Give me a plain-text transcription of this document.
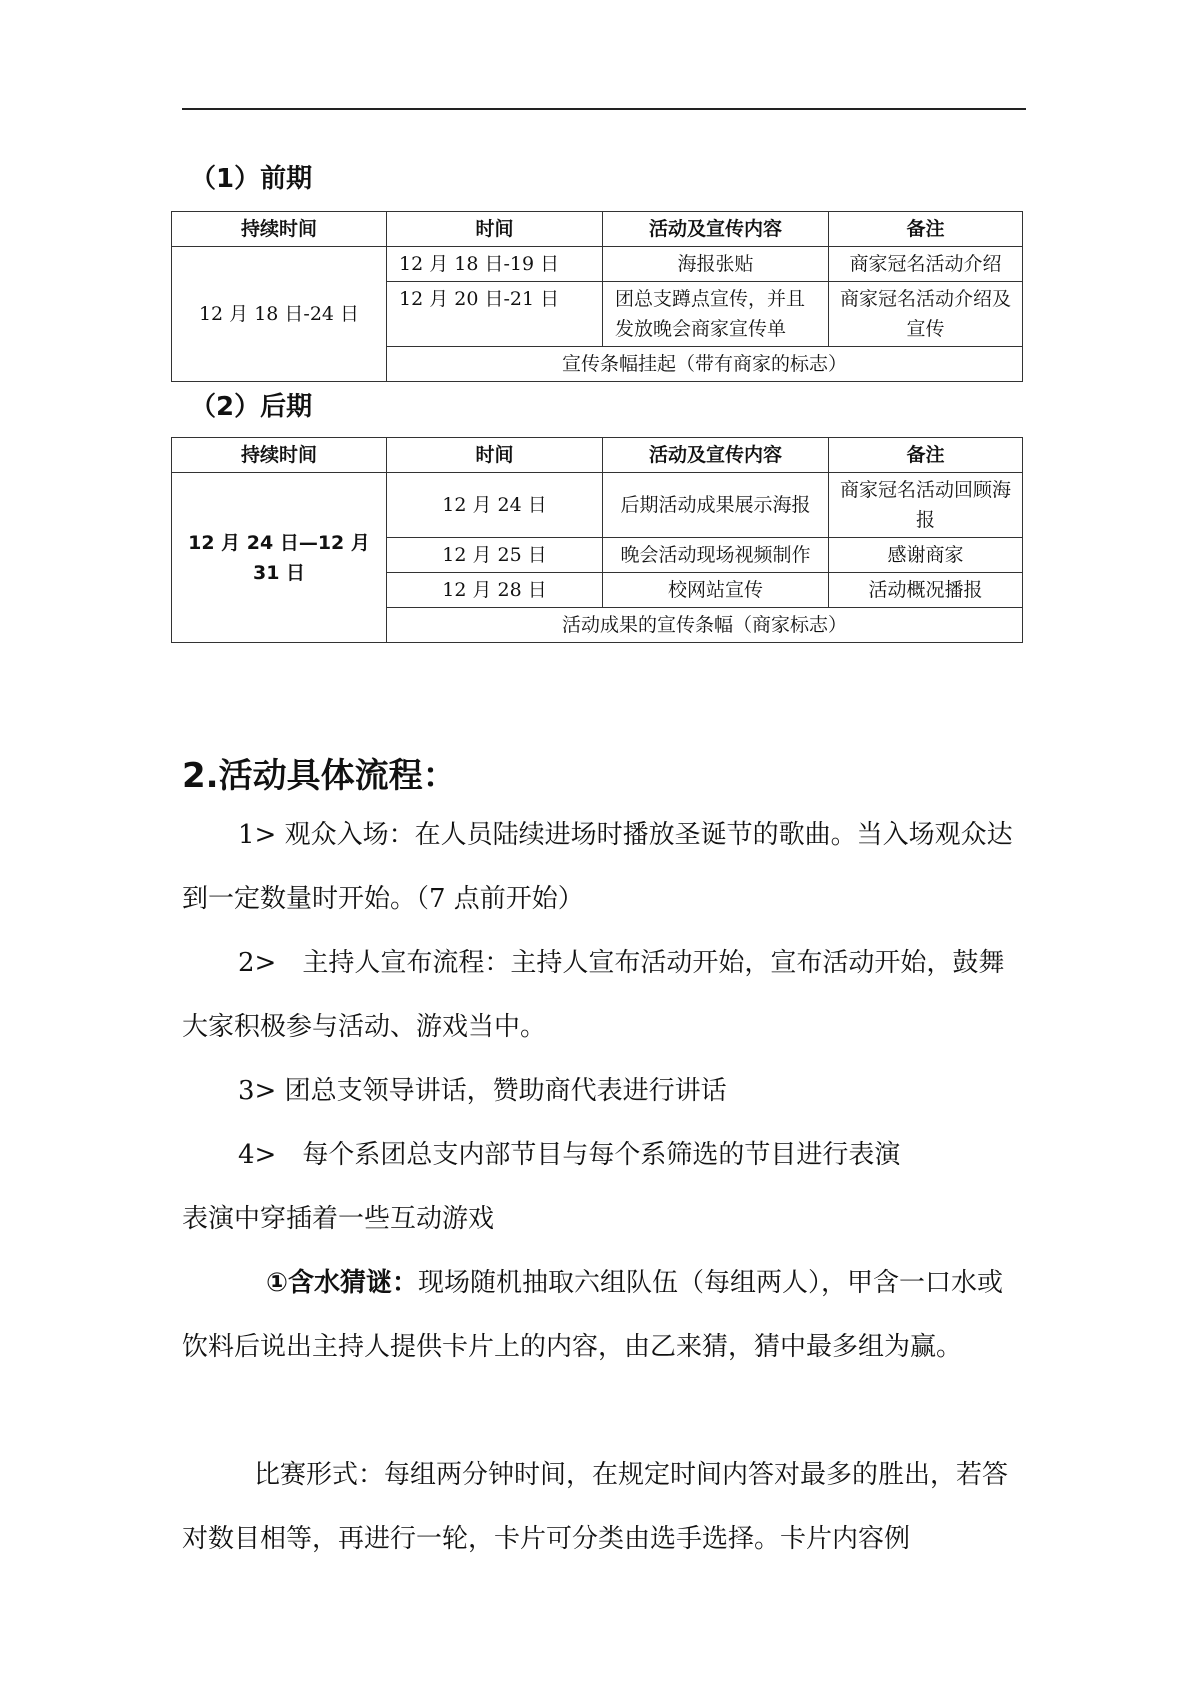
（1）前期
持续时间	时间	活动及宣传内容	备注
12 月 18 日-24 日	12 月 18 日-19 日	海报张贴	商家冠名活动介绍
	12 月 20 日-21 日	团总支蹲点宣传，并且发放晚会商家宣传单	商家冠名活动介绍及宣传
	宣传条幅挂起（带有商家的标志）		
（2）后期
持续时间	时间	活动及宣传内容	备注
12 月 24 日—12 月 31 日	12 月 24 日	后期活动成果展示海报	商家冠名活动回顾海报
	12 月 25 日	晚会活动现场视频制作	感谢商家
	12 月 28 日	校网站宣传	活动概况播报
	活动成果的宣传条幅（商家标志）		
2.活动具体流程：

1> 观众入场：在人员陆续进场时播放圣诞节的歌曲。当入场观众达到一定数量时开始。（7 点前开始）

2>　主持人宣布流程：主持人宣布活动开始，宣布活动开始，鼓舞大家积极参与活动、游戏当中。

3> 团总支领导讲话，赞助商代表进行讲话

4>　每个系团总支内部节目与每个系筛选的节目进行表演

表演中穿插着一些互动游戏

①含水猜谜：现场随机抽取六组队伍（每组两人），甲含一口水或饮料后说出主持人提供卡片上的内容，由乙来猜，猜中最多组为赢。

比赛形式：每组两分钟时间，在规定时间内答对最多的胜出，若答对数目相等，再进行一轮，卡片可分类由选手选择。卡片内容例
